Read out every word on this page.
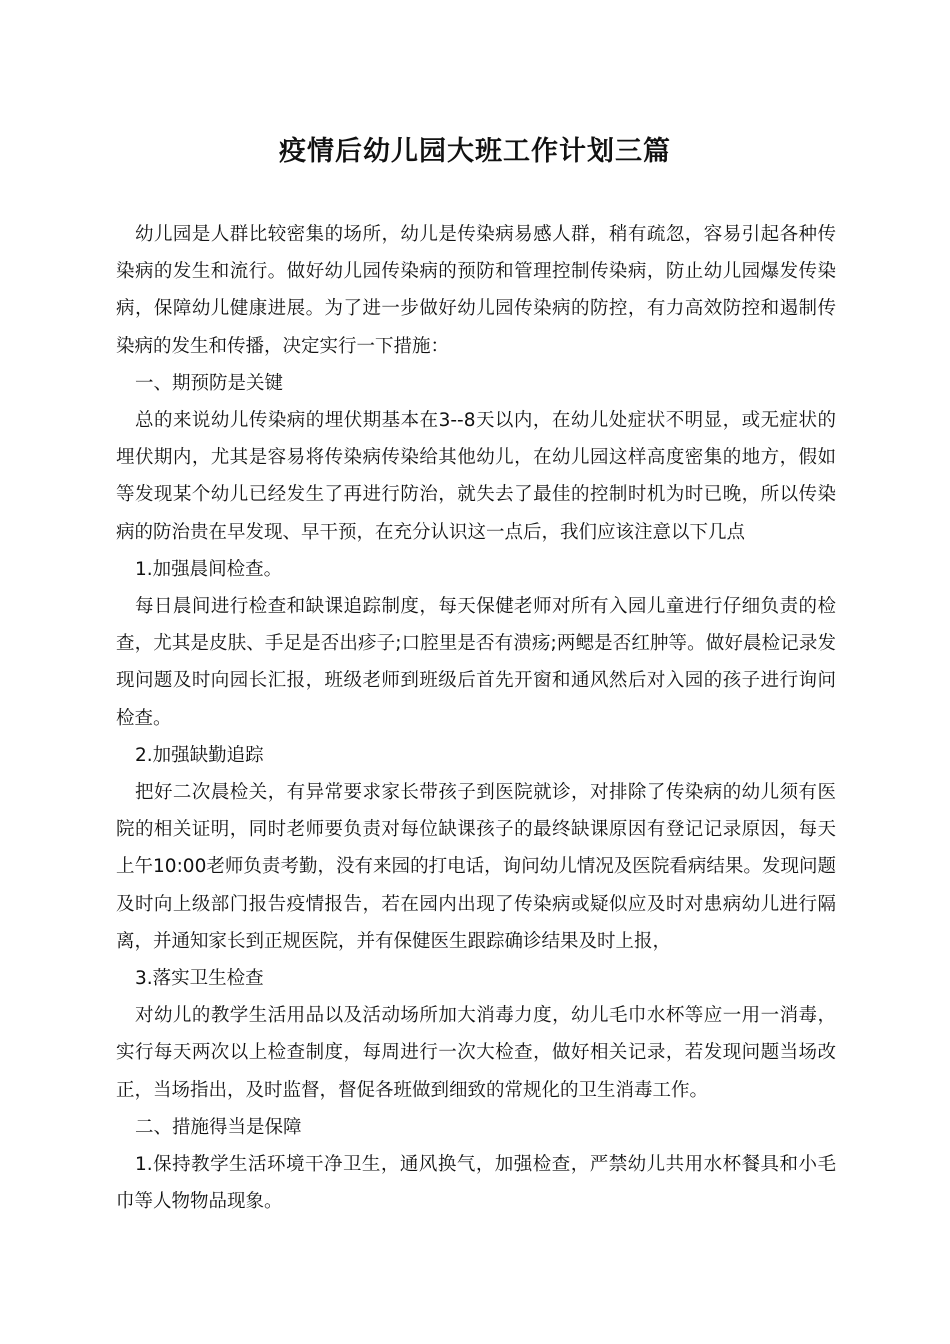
疫情后幼儿园大班工作计划三篇

幼儿园是人群比较密集的场所，幼儿是传染病易感人群，稍有疏忽，容易引起各种传染病的发生和流行。做好幼儿园传染病的预防和管理控制传染病，防止幼儿园爆发传染病，保障幼儿健康进展。为了进一步做好幼儿园传染病的防控，有力高效防控和遏制传染病的发生和传播，决定实行一下措施：

一、期预防是关键

总的来说幼儿传染病的埋伏期基本在3--8天以内，在幼儿处症状不明显，或无症状的埋伏期内，尤其是容易将传染病传染给其他幼儿，在幼儿园这样高度密集的地方，假如等发现某个幼儿已经发生了再进行防治，就失去了最佳的控制时机为时已晚，所以传染病的防治贵在早发现、早干预，在充分认识这一点后，我们应该注意以下几点

1.加强晨间检查。

每日晨间进行检查和缺课追踪制度，每天保健老师对所有入园儿童进行仔细负责的检查，尤其是皮肤、手足是否出疹子;口腔里是否有溃疡;两鳃是否红肿等。做好晨检记录发现问题及时向园长汇报，班级老师到班级后首先开窗和通风然后对入园的孩子进行询问检查。

2.加强缺勤追踪

把好二次晨检关，有异常要求家长带孩子到医院就诊，对排除了传染病的幼儿须有医院的相关证明，同时老师要负责对每位缺课孩子的最终缺课原因有登记记录原因，每天上午10:00老师负责考勤，没有来园的打电话，询问幼儿情况及医院看病结果。发现问题及时向上级部门报告疫情报告，若在园内出现了传染病或疑似应及时对患病幼儿进行隔离，并通知家长到正规医院，并有保健医生跟踪确诊结果及时上报，

3.落实卫生检查

对幼儿的教学生活用品以及活动场所加大消毒力度，幼儿毛巾水杯等应一用一消毒，实行每天两次以上检查制度，每周进行一次大检查，做好相关记录，若发现问题当场改正，当场指出，及时监督，督促各班做到细致的常规化的卫生消毒工作。

二、措施得当是保障

1.保持教学生活环境干净卫生，通风换气，加强检查，严禁幼儿共用水杯餐具和小毛巾等人物物品现象。
